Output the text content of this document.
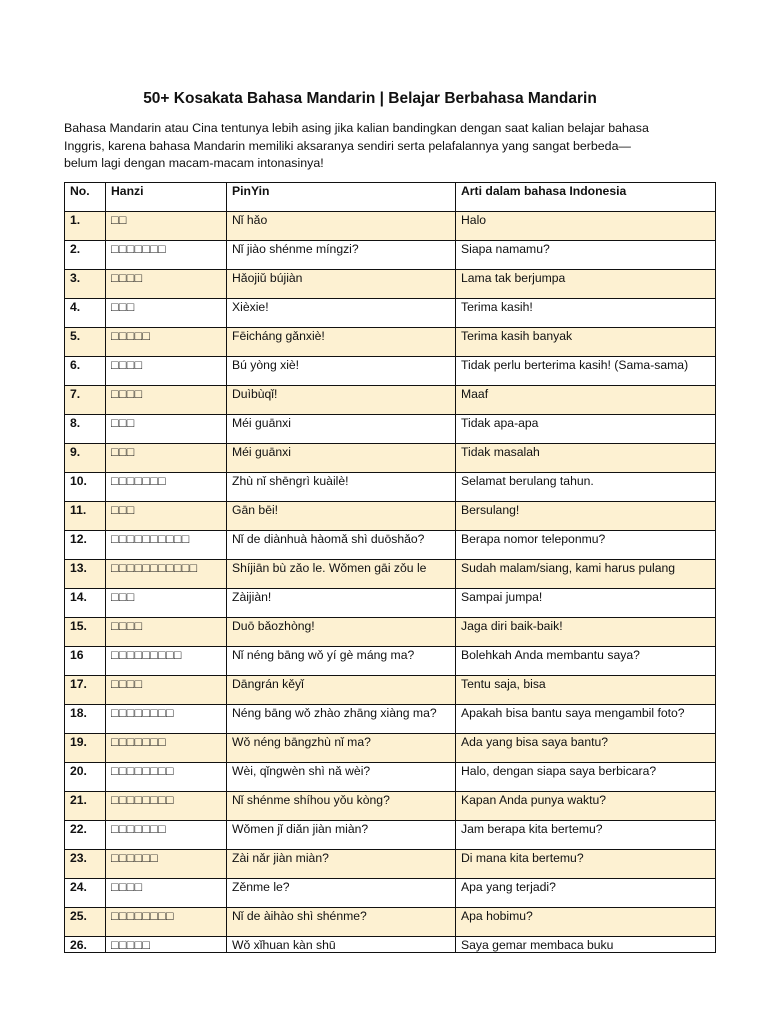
50+ Kosakata Bahasa Mandarin | Belajar Berbahasa Mandarin
Bahasa Mandarin atau Cina tentunya lebih asing jika kalian bandingkan dengan saat kalian belajar bahasa
Inggris, karena bahasa Mandarin memiliki aksaranya sendiri serta pelafalannya yang sangat berbeda—
belum lagi dengan macam-macam intonasinya!
No.	Hanzi	PinYin	Arti dalam bahasa Indonesia
1.	□□	Nǐ hǎo	Halo
2.	□□□□□□□	Nǐ jiào shénme míngzi?	Siapa namamu?
3.	□□□□	Hǎojiǔ bújiàn	Lama tak berjumpa
4.	□□□	Xièxie!	Terima kasih!
5.	□□□□□	Fēicháng gǎnxiè!	Terima kasih banyak
6.	□□□□	Bú yòng xiè!	Tidak perlu berterima kasih! (Sama-sama)
7.	□□□□	Duìbùqǐ!	Maaf
8.	□□□	Méi guānxi	Tidak apa-apa
9.	□□□	Méi guānxi	Tidak masalah
10.	□□□□□□□	Zhù nǐ shēngrì kuàilè!	Selamat berulang tahun.
11.	□□□	Gān bēi!	Bersulang!
12.	□□□□□□□□□□	Nǐ de diànhuà hàomǎ shì duōshǎo?	Berapa nomor teleponmu?
13.	□□□□□□□□□□□	Shíjiān bù zǎo le. Wǒmen gāi zǒu le	Sudah malam/siang, kami harus pulang
14.	□□□	Zàijiàn!	Sampai jumpa!
15.	□□□□	Duō bǎozhòng!	Jaga diri baik-baik!
16	□□□□□□□□□	Nǐ néng bāng wǒ yí gè máng ma?	Bolehkah Anda membantu saya?
17.	□□□□	Dāngrán kěyǐ	Tentu saja, bisa
18.	□□□□□□□□	Néng bāng wǒ zhào zhāng xiàng ma?	Apakah bisa bantu saya mengambil foto?
19.	□□□□□□□	Wǒ néng bāngzhù nǐ ma?	Ada yang bisa saya bantu?
20.	□□□□□□□□	Wèi, qǐngwèn shì nǎ wèi?	Halo, dengan siapa saya berbicara?
21.	□□□□□□□□	Nǐ shénme shíhou yǒu kòng?	Kapan Anda punya waktu?
22.	□□□□□□□	Wǒmen jǐ diǎn jiàn miàn?	Jam berapa kita bertemu?
23.	□□□□□□	Zài nǎr jiàn miàn?	Di mana kita bertemu?
24.	□□□□	Zěnme le?	Apa yang terjadi?
25.	□□□□□□□□	Nǐ de àihào shì shénme?	Apa hobimu?
26.	□□□□□	Wǒ xǐhuan kàn shū	Saya gemar membaca buku
